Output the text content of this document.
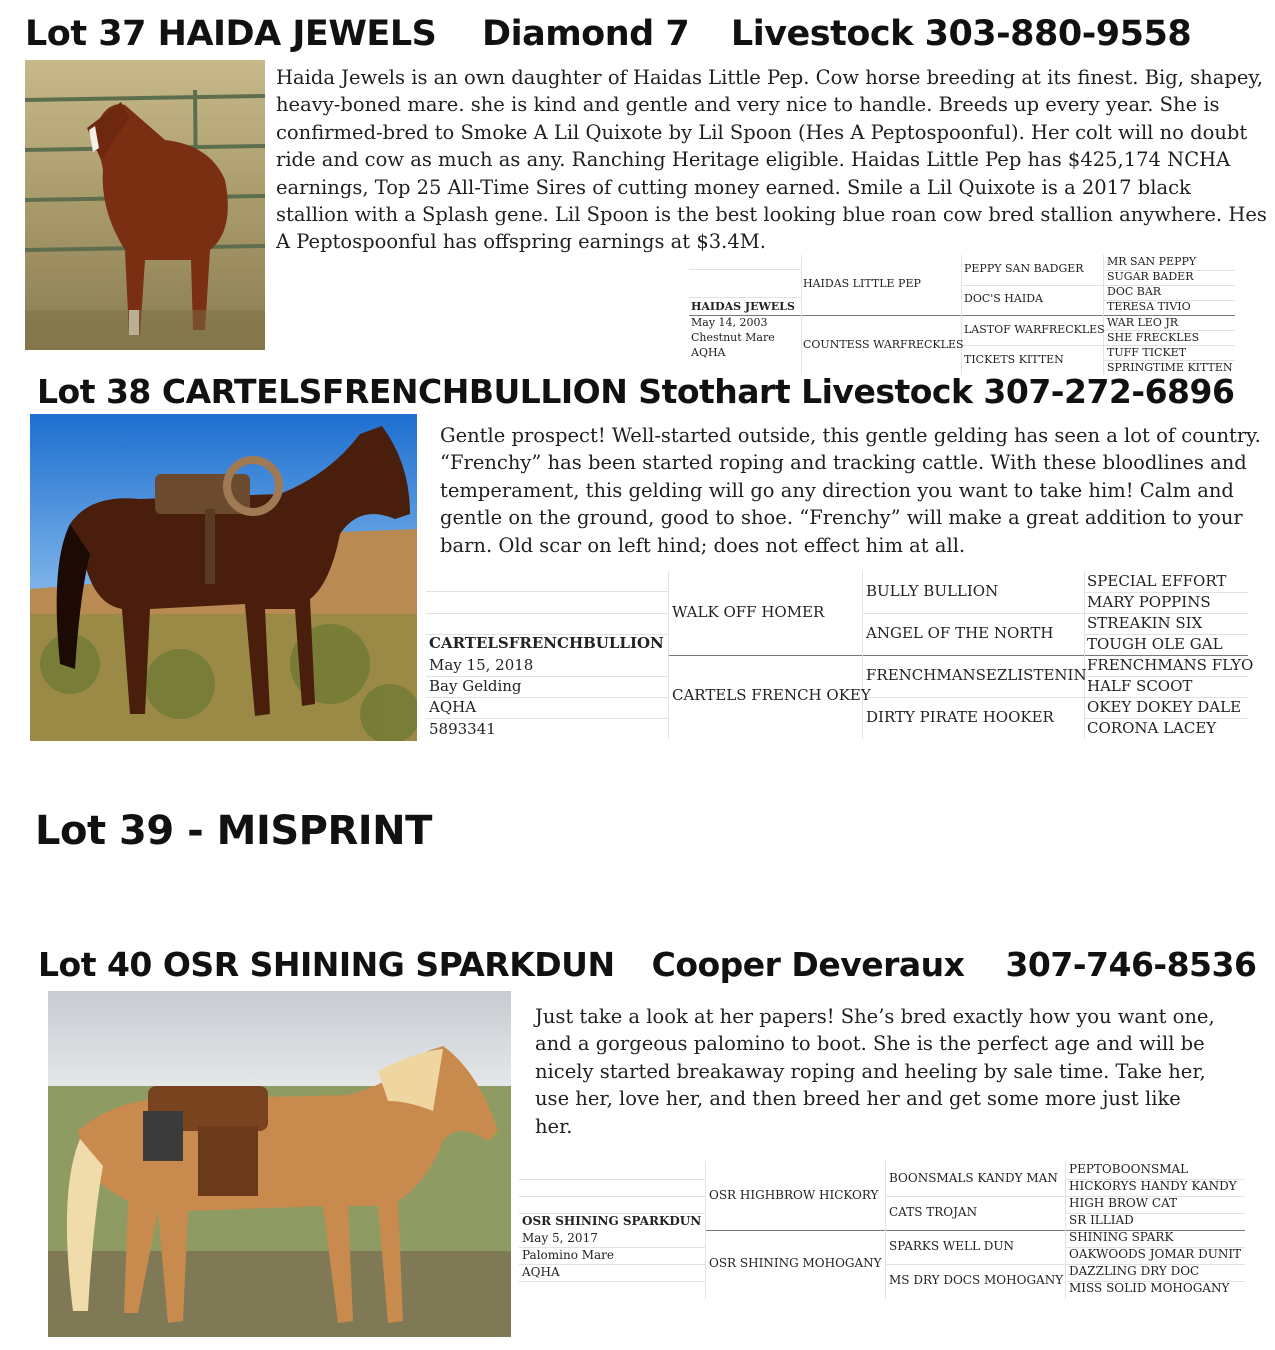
Lot 37 HAIDA JEWELS Diamond 7 Livestock 303-880-9558

Haida Jewels is an own daughter of Haidas Little Pep. Cow horse breeding at its finest. Big, shapey, heavy-boned mare. she is kind and gentle and very nice to handle. Breeds up every year. She is confirmed-bred to Smoke A Lil Quixote by Lil Spoon (Hes A Peptospoonful). Her colt will no doubt ride and cow as much as any. Ranching Heritage eligible. Haidas Little Pep has $425,174 NCHA earnings, Top 25 All-Time Sires of cutting money earned. Smile a Lil Quixote is a 2017 black stallion with a Splash gene. Lil Spoon is the best looking blue roan cow bred stallion anywhere. Hes A Peptospoonful has offspring earnings at $3.4M.

HAIDAS JEWELS
May 14, 2003
Chestnut Mare
AQHA
HAIDAS LITTLE PEP
COUNTESS WARFRECKLES
PEPPY SAN BADGER
DOC'S HAIDA
LASTOF WARFRECKLES
TICKETS KITTEN
MR SAN PEPPY
SUGAR BADER
DOC BAR
TERESA TIVIO
WAR LEO JR
SHE FRECKLES
TUFF TICKET
SPRINGTIME KITTEN
Lot 38 CARTELSFRENCHBULLION Stothart Livestock 307-272-6896

Gentle prospect! Well-started outside, this gentle gelding has seen a lot of country. “Frenchy” has been started roping and tracking cattle. With these bloodlines and temperament, this gelding will go any direction you want to take him! Calm and gentle on the ground, good to shoe. “Frenchy” will make a great addition to your barn. Old scar on left hind; does not effect him at all.

CARTELSFRENCHBULLION
May 15, 2018
Bay Gelding
AQHA
5893341
WALK OFF HOMER
CARTELS FRENCH OKEY
BULLY BULLION
ANGEL OF THE NORTH
FRENCHMANSEZLISTENIN
DIRTY PIRATE HOOKER
SPECIAL EFFORT
MARY POPPINS
STREAKIN SIX
TOUGH OLE GAL
FRENCHMANS FLYO
HALF SCOOT
OKEY DOKEY DALE
CORONA LACEY
Lot 39 - MISPRINT
Lot 40 OSR SHINING SPARKDUN Cooper Deveraux 307-746-8536

Just take a look at her papers! She’s bred exactly how you want one, and a gorgeous palomino to boot. She is the perfect age and will be nicely started breakaway roping and heeling by sale time. Take her, use her, love her, and then breed her and get some more just like her.

OSR SHINING SPARKDUN
May 5, 2017
Palomino Mare
AQHA
OSR HIGHBROW HICKORY
OSR SHINING MOHOGANY
BOONSMALS KANDY MAN
CATS TROJAN
SPARKS WELL DUN
MS DRY DOCS MOHOGANY
PEPTOBOONSMAL
HICKORYS HANDY KANDY
HIGH BROW CAT
SR ILLIAD
SHINING SPARK
OAKWOODS JOMAR DUNIT
DAZZLING DRY DOC
MISS SOLID MOHOGANY
